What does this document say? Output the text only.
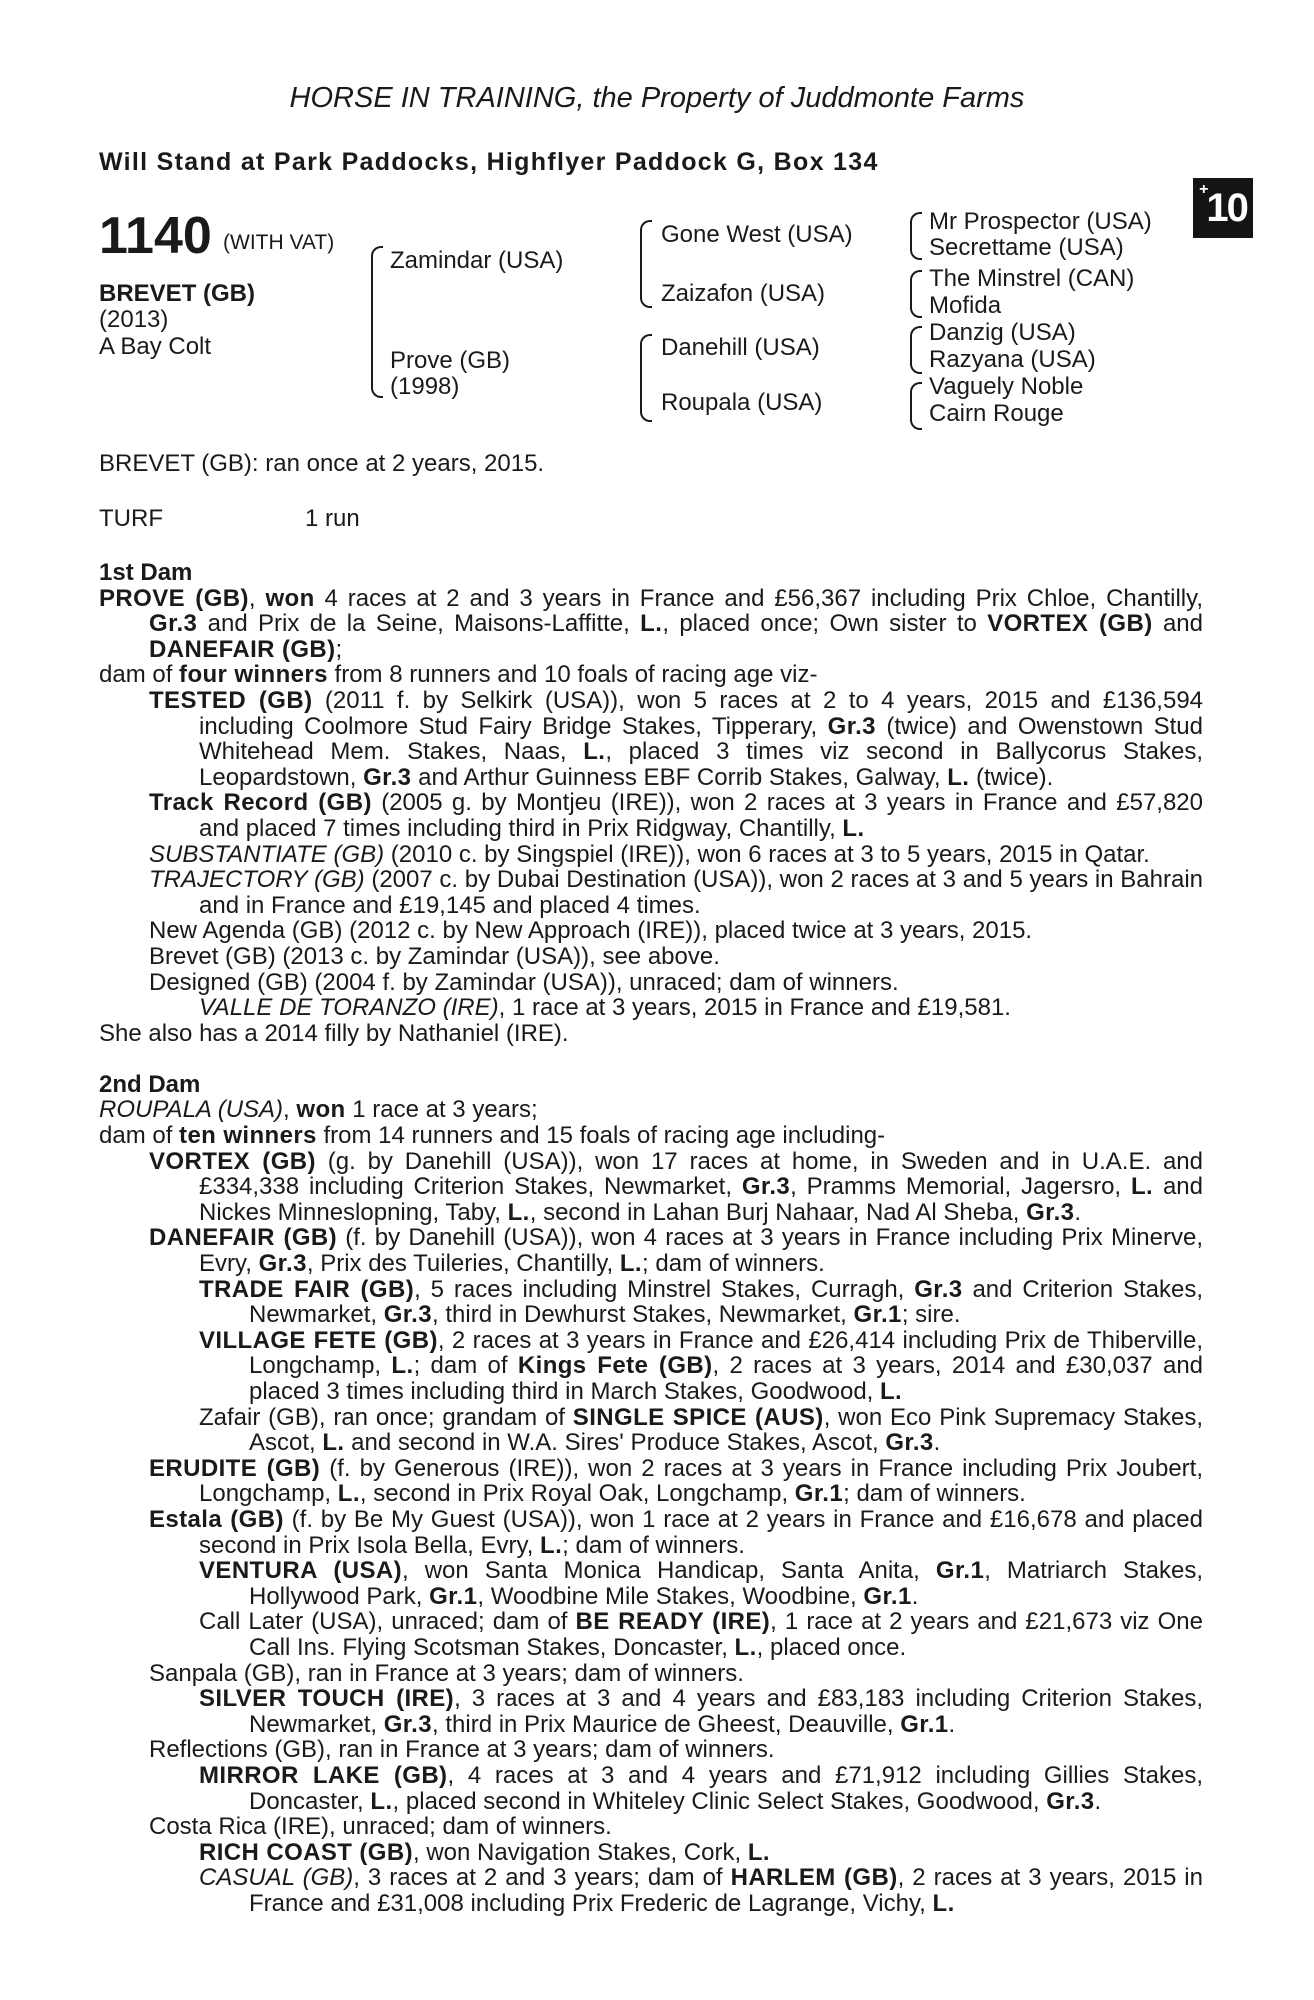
HORSE IN TRAINING, the Property of Juddmonte Farms
Will Stand at Park Paddocks, Highflyer Paddock G, Box 134
+10
1140 (WITH VAT)
BREVET (GB)
(2013)
A Bay Colt
Zamindar (USA)
Prove (GB)
(1998)
Gone West (USA)
Zaizafon (USA)
Danehill (USA)
Roupala (USA)
Mr Prospector (USA)
Secrettame (USA)
The Minstrel (CAN)
Mofida
Danzig (USA)
Razyana (USA)
Vaguely Noble
Cairn Rouge
BREVET (GB): ran once at 2 years, 2015.
TURF	1 run

1st Dam

PROVE (GB), won 4 races at 2 and 3 years in France and £56,367 including Prix Chloe, Chantilly, Gr.3 and Prix de la Seine, Maisons-Laffitte, L., placed once; Own sister to VORTEX (GB) and DANEFAIR (GB);

dam of four winners from 8 runners and 10 foals of racing age viz-

TESTED (GB) (2011 f. by Selkirk (USA)), won 5 races at 2 to 4 years, 2015 and £136,594 including Coolmore Stud Fairy Bridge Stakes, Tipperary, Gr.3 (twice) and Owenstown Stud Whitehead Mem. Stakes, Naas, L., placed 3 times viz second in Ballycorus Stakes, Leopardstown, Gr.3 and Arthur Guinness EBF Corrib Stakes, Galway, L. (twice).

Track Record (GB) (2005 g. by Montjeu (IRE)), won 2 races at 3 years in France and £57,820 and placed 7 times including third in Prix Ridgway, Chantilly, L.

SUBSTANTIATE (GB) (2010 c. by Singspiel (IRE)), won 6 races at 3 to 5 years, 2015 in Qatar.

TRAJECTORY (GB) (2007 c. by Dubai Destination (USA)), won 2 races at 3 and 5 years in Bahrain and in France and £19,145 and placed 4 times.

New Agenda (GB) (2012 c. by New Approach (IRE)), placed twice at 3 years, 2015.

Brevet (GB) (2013 c. by Zamindar (USA)), see above.

Designed (GB) (2004 f. by Zamindar (USA)), unraced; dam of winners.

VALLE DE TORANZO (IRE), 1 race at 3 years, 2015 in France and £19,581.

She also has a 2014 filly by Nathaniel (IRE).

2nd Dam

ROUPALA (USA), won 1 race at 3 years;

dam of ten winners from 14 runners and 15 foals of racing age including-

VORTEX (GB) (g. by Danehill (USA)), won 17 races at home, in Sweden and in U.A.E. and £334,338 including Criterion Stakes, Newmarket, Gr.3, Pramms Memorial, Jagersro, L. and Nickes Minneslopning, Taby, L., second in Lahan Burj Nahaar, Nad Al Sheba, Gr.3.

DANEFAIR (GB) (f. by Danehill (USA)), won 4 races at 3 years in France including Prix Minerve, Evry, Gr.3, Prix des Tuileries, Chantilly, L.; dam of winners.

TRADE FAIR (GB), 5 races including Minstrel Stakes, Curragh, Gr.3 and Criterion Stakes, Newmarket, Gr.3, third in Dewhurst Stakes, Newmarket, Gr.1; sire.

VILLAGE FETE (GB), 2 races at 3 years in France and £26,414 including Prix de Thiberville, Longchamp, L.; dam of Kings Fete (GB), 2 races at 3 years, 2014 and £30,037 and placed 3 times including third in March Stakes, Goodwood, L.

Zafair (GB), ran once; grandam of SINGLE SPICE (AUS), won Eco Pink Supremacy Stakes, Ascot, L. and second in W.A. Sires' Produce Stakes, Ascot, Gr.3.

ERUDITE (GB) (f. by Generous (IRE)), won 2 races at 3 years in France including Prix Joubert, Longchamp, L., second in Prix Royal Oak, Longchamp, Gr.1; dam of winners.

Estala (GB) (f. by Be My Guest (USA)), won 1 race at 2 years in France and £16,678 and placed second in Prix Isola Bella, Evry, L.; dam of winners.

VENTURA (USA), won Santa Monica Handicap, Santa Anita, Gr.1, Matriarch Stakes, Hollywood Park, Gr.1, Woodbine Mile Stakes, Woodbine, Gr.1.

Call Later (USA), unraced; dam of BE READY (IRE), 1 race at 2 years and £21,673 viz One Call Ins. Flying Scotsman Stakes, Doncaster, L., placed once.

Sanpala (GB), ran in France at 3 years; dam of winners.

SILVER TOUCH (IRE), 3 races at 3 and 4 years and £83,183 including Criterion Stakes, Newmarket, Gr.3, third in Prix Maurice de Gheest, Deauville, Gr.1.

Reflections (GB), ran in France at 3 years; dam of winners.

MIRROR LAKE (GB), 4 races at 3 and 4 years and £71,912 including Gillies Stakes, Doncaster, L., placed second in Whiteley Clinic Select Stakes, Goodwood, Gr.3.

Costa Rica (IRE), unraced; dam of winners.

RICH COAST (GB), won Navigation Stakes, Cork, L.

CASUAL (GB), 3 races at 2 and 3 years; dam of HARLEM (GB), 2 races at 3 years, 2015 in France and £31,008 including Prix Frederic de Lagrange, Vichy, L.
